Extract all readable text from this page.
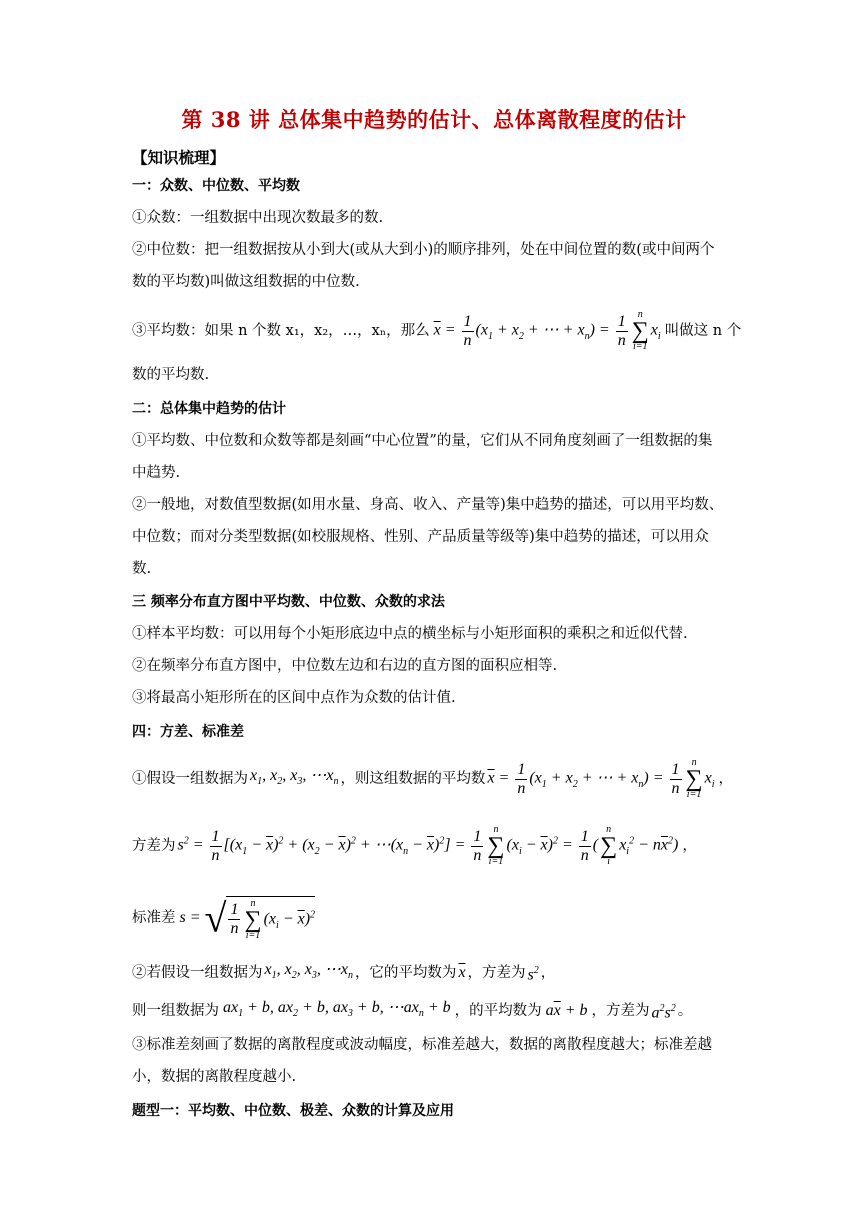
第 38 讲 总体集中趋势的估计、总体离散程度的估计
【知识梳理】
一：众数、中位数、平均数
①众数：一组数据中出现次数最多的数.
②中位数：把一组数据按从小到大(或从大到小)的顺序排列，处在中间位置的数(或中间两个
数的平均数)叫做这组数据的中位数.
③平均数：如果 n 个数 x₁，x₂，…，xₙ，那么 $\overline{x} = \frac{1}{n} (x_1 + x_2$ + ⋯ + $x_n) = \frac{1}{n}$	n
∑
i=1
$x_i$ 叫做这 n 个
数的平均数.
二：总体集中趋势的估计
①平均数、中位数和众数等都是刻画“中心位置”的量，它们从不同角度刻画了一组数据的集
中趋势.
②一般地，对数值型数据(如用水量、身高、收入、产量等)集中趋势的描述，可以用平均数、
中位数；而对分类型数据(如校服规格、性别、产品质量等级等)集中趋势的描述，可以用众
数.
三 频率分布直方图中平均数、中位数、众数的求法
①样本平均数：可以用每个小矩形底边中点的横坐标与小矩形面积的乘积之和近似代替.
②在频率分布直方图中，中位数左边和右边的直方图的面积应相等.
③将最高小矩形所在的区间中点作为众数的估计值.
四：方差、标准差
①假设一组数据为 $x_1$, $x_2$, $x_3$, $\cdots x_n$ ，则这组数据的平均数 $\overline{x} = \frac{1}{n} (x_1 + x_2$ + ⋯ + $x_n) = \frac{1}{n}$	n
∑
i=1
$x_i$ ，
方差为 $s^2 = \frac{1}{n} [(x_1 - \overline{x})^2 + (x_2 - \overline{x})^2$ + $\cdots(x_n - \overline{x})^2] = \frac{1}{n}$	n
∑
i=1
$(x_i - \overline{x})^2 = \frac{1}{n}$ (
n
∑
i
$x_i^2 - n\overline{x}^2$) ，
标准差 s = √ $\frac{1}{n}$	n
∑
i=1
$(x_i - \overline{x})^2$
②若假设一组数据为 $x_1$, $x_2$, $x_3$, $\cdots x_n$ ，它的平均数为 $\overline{x}$ ，方差为 $s^2$ ，
则一组数据为 $ax_1 + b$, $ax_2 + b$, $ax_3 + b$, $\cdots ax_n + b$ ，的平均数为 $a\overline{x} + b$ ，方差为 $a^2s^2$ 。
③标准差刻画了数据的离散程度或波动幅度，标准差越大，数据的离散程度越大；标准差越
小，数据的离散程度越小.
题型一：平均数、中位数、极差、众数的计算及应用
